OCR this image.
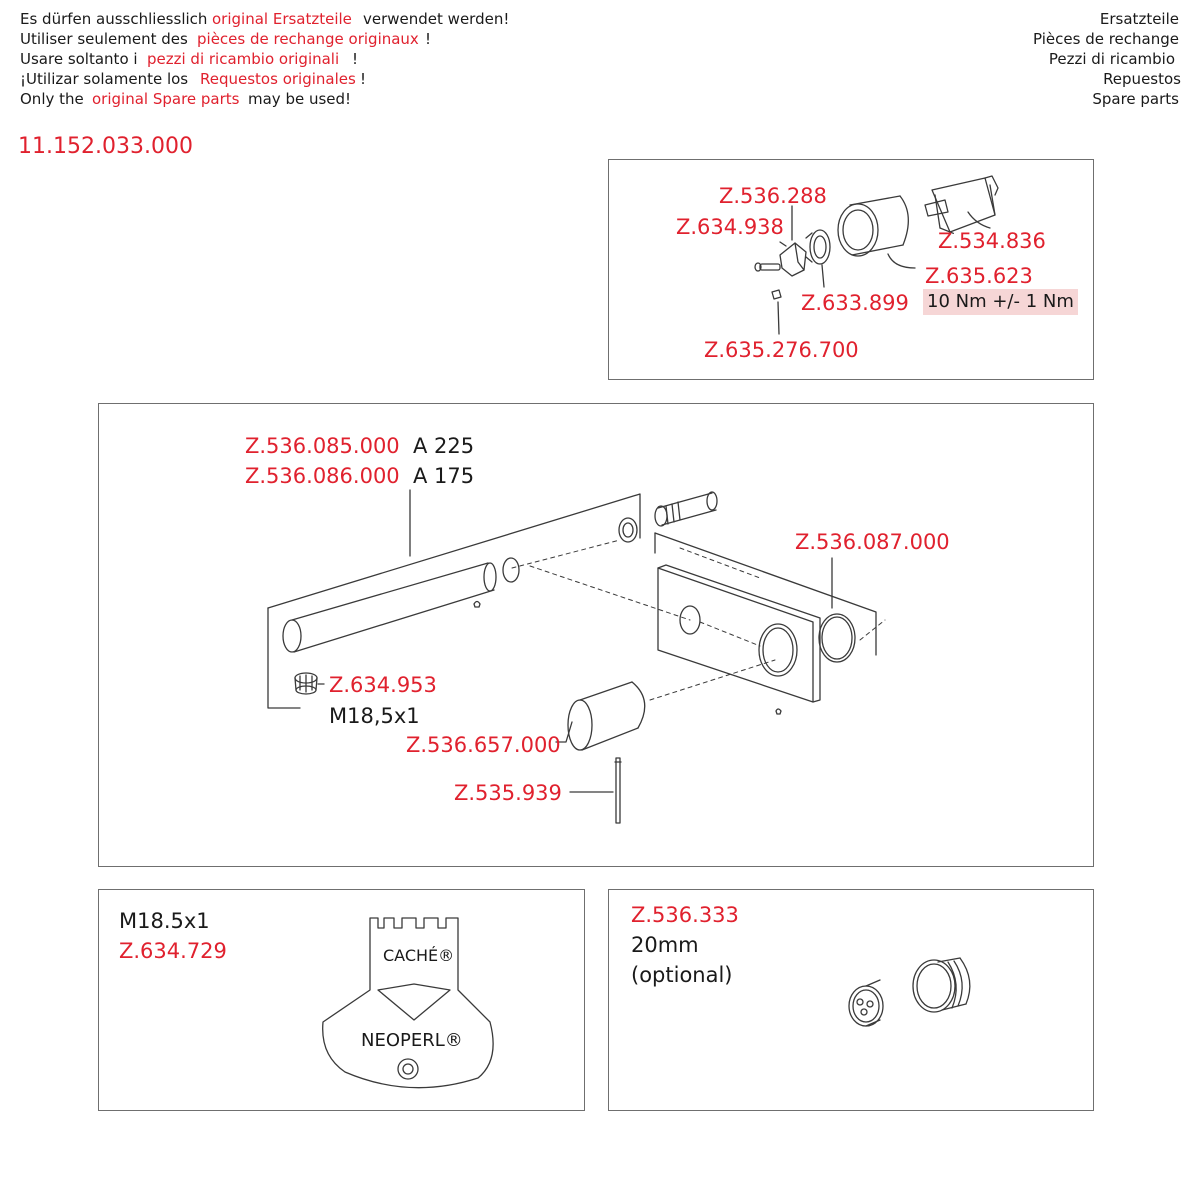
Es dürfen ausschliesslich original Ersatzteile verwendet werden!
Utiliser seulement des pièces de rechange originaux !
Usare soltanto i pezzi di ricambio originali !
¡Utilizar solamente los Requestos originales !
Only the original Spare parts may be used!
Ersatzteile
Pièces de rechange
Pezzi di ricambio
Repuestos
Spare parts
11.152.033.000
Z.536.288
Z.634.938
Z.534.836
Z.635.623
10 Nm +/- 1 Nm
Z.633.899
Z.635.276.700
Z.536.085.000 A 225
Z.536.086.000 A 175
Z.536.087.000
Z.634.953
M18,5x1
Z.536.657.000
Z.535.939
M18.5x1
Z.634.729	CACHÉ®
NEOPERL®
Z.536.333
20mm
(optional)
